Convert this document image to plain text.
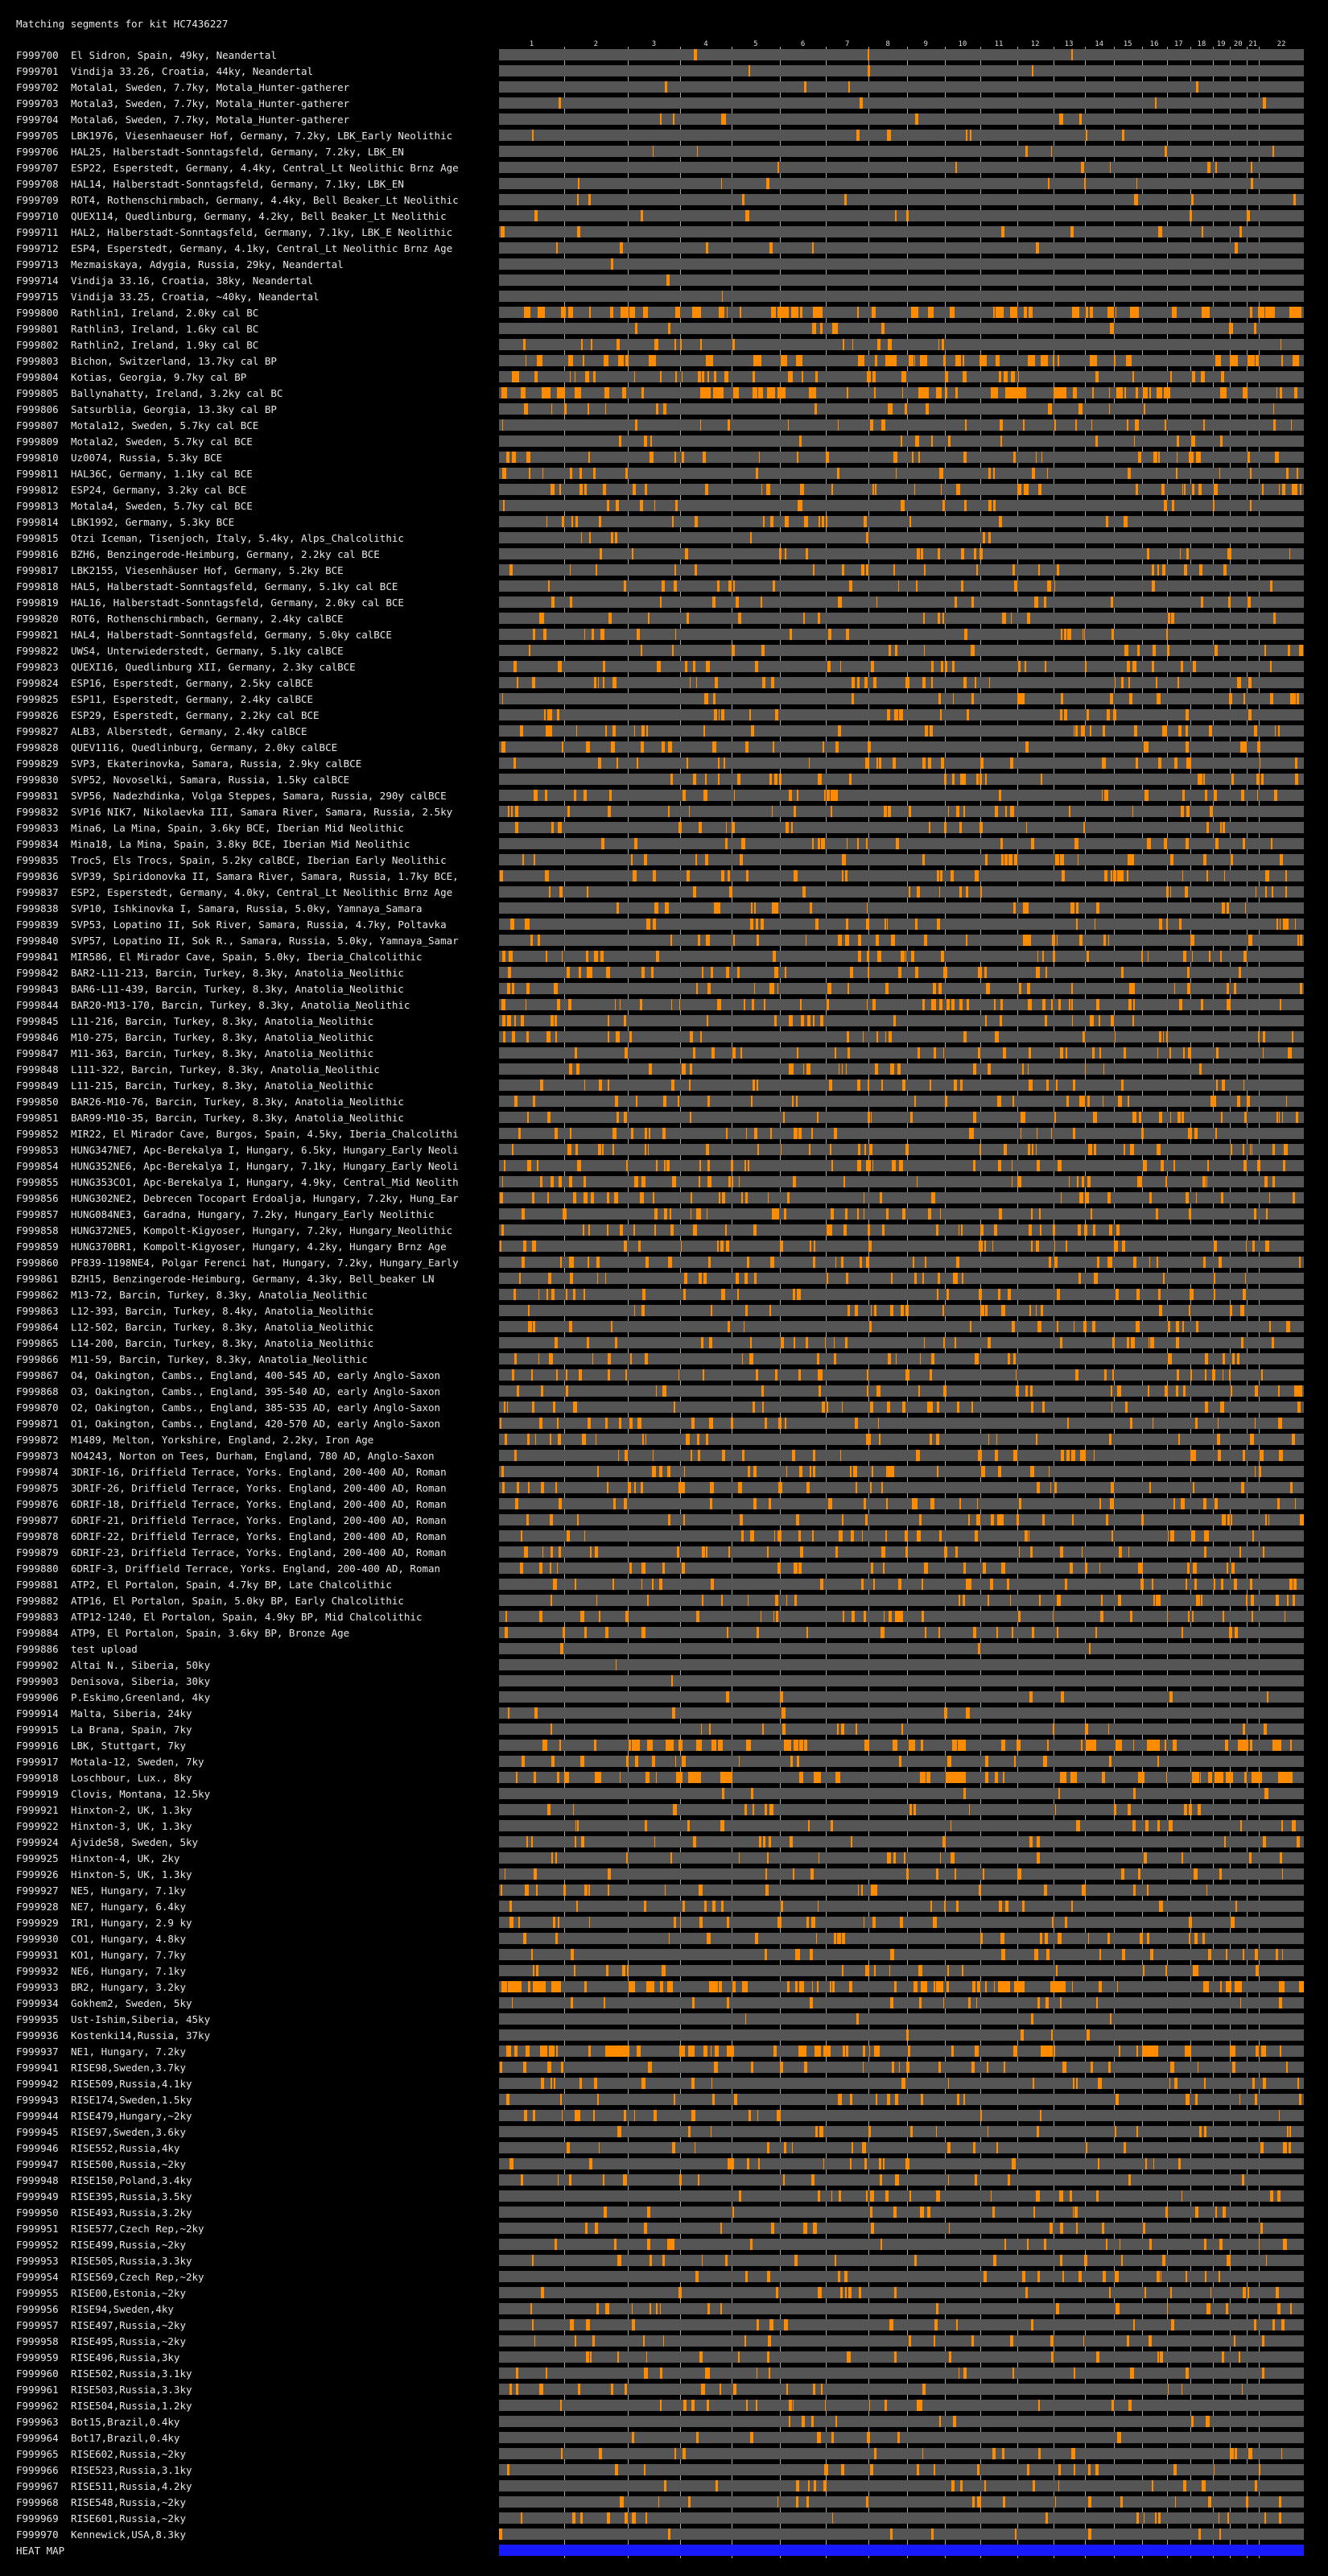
Matching segments for kit HC7436227
1	2	3	4	5	6	7	8	9	10	11	12	13	14	15 16 17 18 19 20 21	22
F999700	El Sidron, Spain, 49ky, Neandertal
F999701	Vindija 33.26, Croatia, 44ky, Neandertal
F999702	Motala1, Sweden, 7.7ky, Motala_Hunter-gatherer
F999703	Motala3, Sweden, 7.7ky, Motala_Hunter-gatherer
F999704	Motala6, Sweden, 7.7ky, Motala_Hunter-gatherer
F999705	LBK1976, Viesenhaeuser Hof, Germany, 7.2ky, LBK_Early Neolithic
F999706	HAL25, Halberstadt-Sonntagsfeld, Germany, 7.2ky, LBK_EN
F999707	ESP22, Esperstedt, Germany, 4.4ky, Central_Lt Neolithic Brnz Age
F999708	HAL14, Halberstadt-Sonntagsfeld, Germany, 7.1ky, LBK_EN
F999709	ROT4, Rothenschirmbach, Germany, 4.4ky, Bell Beaker_Lt Neolithic
F999710	QUEX114, Quedlinburg, Germany, 4.2ky, Bell Beaker_Lt Neolithic
F999711	HAL2, Halberstadt-Sonntagsfeld, Germany, 7.1ky, LBK_E Neolithic
F999712	ESP4, Esperstedt, Germany, 4.1ky, Central_Lt Neolithic Brnz Age
F999713	Mezmaiskaya, Adygia, Russia, 29ky, Neandertal
F999714	Vindija 33.16, Croatia, 38ky, Neandertal
F999715	Vindija 33.25, Croatia, ~40ky, Neandertal
F999800	Rathlin1, Ireland, 2.0ky cal BC
F999801	Rathlin3, Ireland, 1.6ky cal BC
F999802	Rathlin2, Ireland, 1.9ky cal BC
F999803	Bichon, Switzerland, 13.7ky cal BP
F999804	Kotias, Georgia, 9.7ky cal BP
F999805	Ballynahatty, Ireland, 3.2ky cal BC
F999806	Satsurblia, Georgia, 13.3ky cal BP
F999807	Motala12, Sweden, 5.7ky cal BCE
F999809	Motala2, Sweden, 5.7ky cal BCE
F999810	Uz0074, Russia, 5.3ky BCE
F999811	HAL36C, Germany, 1.1ky cal BCE
F999812	ESP24, Germany, 3.2ky cal BCE
F999813	Motala4, Sweden, 5.7ky cal BCE
F999814	LBK1992, Germany, 5.3ky BCE
F999815	Otzi Iceman, Tisenjoch, Italy, 5.4ky, Alps_Chalcolithic
F999816	BZH6, Benzingerode-Heimburg, Germany, 2.2ky cal BCE
F999817	LBK2155, Viesenhäuser Hof, Germany, 5.2ky BCE
F999818	HAL5, Halberstadt-Sonntagsfeld, Germany, 5.1ky cal BCE
F999819	HAL16, Halberstadt-Sonntagsfeld, Germany, 2.0ky cal BCE
F999820	ROT6, Rothenschirmbach, Germany, 2.4ky calBCE
F999821	HAL4, Halberstadt-Sonntagsfeld, Germany, 5.0ky calBCE
F999822	UWS4, Unterwiederstedt, Germany, 5.1ky calBCE
F999823	QUEXI16, Quedlinburg XII, Germany, 2.3ky calBCE
F999824	ESP16, Esperstedt, Germany, 2.5ky calBCE
F999825	ESP11, Esperstedt, Germany, 2.4ky calBCE
F999826	ESP29, Esperstedt, Germany, 2.2ky cal BCE
F999827	ALB3, Alberstedt, Germany, 2.4ky calBCE
F999828	QUEV1116, Quedlinburg, Germany, 2.0ky calBCE
F999829	SVP3, Ekaterinovka, Samara, Russia, 2.9ky calBCE
F999830	SVP52, Novoselki, Samara, Russia, 1.5ky calBCE
F999831	SVP56, Nadezhdinka, Volga Steppes, Samara, Russia, 290y calBCE
F999832	SVP16 NIK7, Nikolaevka III, Samara River, Samara, Russia, 2.5ky
F999833	Mina6, La Mina, Spain, 3.6ky BCE, Iberian Mid Neolithic
F999834	Mina18, La Mina, Spain, 3.8ky BCE, Iberian Mid Neolithic
F999835	Troc5, Els Trocs, Spain, 5.2ky calBCE, Iberian Early Neolithic
F999836	SVP39, Spiridonovka II, Samara River, Samara, Russia, 1.7ky BCE,
F999837	ESP2, Esperstedt, Germany, 4.0ky, Central_Lt Neolithic Brnz Age
F999838	SVP10, Ishkinovka I, Samara, Russia, 5.0ky, Yamnaya_Samara
F999839	SVP53, Lopatino II, Sok River, Samara, Russia, 4.7ky, Poltavka
F999840	SVP57, Lopatino II, Sok R., Samara, Russia, 5.0ky, Yamnaya_Samar
F999841	MIR586, El Mirador Cave, Spain, 5.0ky, Iberia_Chalcolithic
F999842	BAR2-L11-213, Barcin, Turkey, 8.3ky, Anatolia_Neolithic
F999843	BAR6-L11-439, Barcin, Turkey, 8.3ky, Anatolia_Neolithic
F999844	BAR20-M13-170, Barcin, Turkey, 8.3ky, Anatolia_Neolithic
F999845	L11-216, Barcin, Turkey, 8.3ky, Anatolia_Neolithic
F999846	M10-275, Barcin, Turkey, 8.3ky, Anatolia_Neolithic
F999847	M11-363, Barcin, Turkey, 8.3ky, Anatolia_Neolithic
F999848	L111-322, Barcin, Turkey, 8.3ky, Anatolia_Neolithic
F999849	L11-215, Barcin, Turkey, 8.3ky, Anatolia_Neolithic
F999850	BAR26-M10-76, Barcin, Turkey, 8.3ky, Anatolia_Neolithic
F999851	BAR99-M10-35, Barcin, Turkey, 8.3ky, Anatolia_Neolithic
F999852	MIR22, El Mirador Cave, Burgos, Spain, 4.5ky, Iberia_Chalcolithi
F999853	HUNG347NE7, Apc-Berekalya I, Hungary, 6.5ky, Hungary_Early Neoli
F999854	HUNG352NE6, Apc-Berekalya I, Hungary, 7.1ky, Hungary_Early Neoli
F999855	HUNG353CO1, Apc-Berekalya I, Hungary, 4.9ky, Central_Mid Neolith
F999856	HUNG302NE2, Debrecen Tocopart Erdoalja, Hungary, 7.2ky, Hung_Ear
F999857	HUNG084NE3, Garadna, Hungary, 7.2ky, Hungary_Early Neolithic
F999858	HUNG372NE5, Kompolt-Kigyoser, Hungary, 7.2ky, Hungary_Neolithic
F999859	HUNG370BR1, Kompolt-Kigyoser, Hungary, 4.2ky, Hungary Brnz Age
F999860	PF839-1198NE4, Polgar Ferenci hat, Hungary, 7.2ky, Hungary_Early
F999861	BZH15, Benzingerode-Heimburg, Germany, 4.3ky, Bell_beaker LN
F999862	M13-72, Barcin, Turkey, 8.3ky, Anatolia_Neolithic
F999863	L12-393, Barcin, Turkey, 8.4ky, Anatolia_Neolithic
F999864	L12-502, Barcin, Turkey, 8.3ky, Anatolia_Neolithic
F999865	L14-200, Barcin, Turkey, 8.3ky, Anatolia_Neolithic
F999866	M11-59, Barcin, Turkey, 8.3ky, Anatolia_Neolithic
F999867	O4, Oakington, Cambs., England, 400-545 AD, early Anglo-Saxon
F999868	O3, Oakington, Cambs., England, 395-540 AD, early Anglo-Saxon
F999870	O2, Oakington, Cambs., England, 385-535 AD, early Anglo-Saxon
F999871	O1, Oakington, Cambs., England, 420-570 AD, early Anglo-Saxon
F999872	M1489, Melton, Yorkshire, England, 2.2ky, Iron Age
F999873	NO4243, Norton on Tees, Durham, England, 780 AD, Anglo-Saxon
F999874	3DRIF-16, Driffield Terrace, Yorks. England, 200-400 AD, Roman
F999875	3DRIF-26, Driffield Terrace, Yorks. England, 200-400 AD, Roman
F999876	6DRIF-18, Driffield Terrace, Yorks. England, 200-400 AD, Roman
F999877	6DRIF-21, Driffield Terrace, Yorks. England, 200-400 AD, Roman
F999878	6DRIF-22, Driffield Terrace, Yorks. England, 200-400 AD, Roman
F999879	6DRIF-23, Driffield Terrace, Yorks. England, 200-400 AD, Roman
F999880	6DRIF-3, Driffield Terrace, Yorks. England, 200-400 AD, Roman
F999881	ATP2, El Portalon, Spain, 4.7ky BP, Late Chalcolithic
F999882	ATP16, El Portalon, Spain, 5.0ky BP, Early Chalcolithic
F999883	ATP12-1240, El Portalon, Spain, 4.9ky BP, Mid Chalcolithic
F999884	ATP9, El Portalon, Spain, 3.6ky BP, Bronze Age
F999886	test upload
F999902	Altai N., Siberia, 50ky
F999903	Denisova, Siberia, 30ky
F999906	P.Eskimo,Greenland, 4ky
F999914	Malta, Siberia, 24ky
F999915	La Brana, Spain, 7ky
F999916	LBK, Stuttgart, 7ky
F999917	Motala-12, Sweden, 7ky
F999918	Loschbour, Lux., 8ky
F999919	Clovis, Montana, 12.5ky
F999921	Hinxton-2, UK, 1.3ky
F999922	Hinxton-3, UK, 1.3ky
F999924	Ajvide58, Sweden, 5ky
F999925	Hinxton-4, UK, 2ky
F999926	Hinxton-5, UK, 1.3ky
F999927	NE5, Hungary, 7.1ky
F999928	NE7, Hungary, 6.4ky
F999929	IR1, Hungary, 2.9 ky
F999930	CO1, Hungary, 4.8ky
F999931	KO1, Hungary, 7.7ky
F999932	NE6, Hungary, 7.1ky
F999933	BR2, Hungary, 3.2ky
F999934	Gokhem2, Sweden, 5ky
F999935	Ust-Ishim,Siberia, 45ky
F999936	Kostenki14,Russia, 37ky
F999937	NE1, Hungary, 7.2ky
F999941	RISE98,Sweden,3.7ky
F999942	RISE509,Russia,4.1ky
F999943	RISE174,Sweden,1.5ky
F999944	RISE479,Hungary,~2ky
F999945	RISE97,Sweden,3.6ky
F999946	RISE552,Russia,4ky
F999947	RISE500,Russia,~2ky
F999948	RISE150,Poland,3.4ky
F999949	RISE395,Russia,3.5ky
F999950	RISE493,Russia,3.2ky
F999951	RISE577,Czech Rep,~2ky
F999952	RISE499,Russia,~2ky
F999953	RISE505,Russia,3.3ky
F999954	RISE569,Czech Rep,~2ky
F999955	RISE00,Estonia,~2ky
F999956	RISE94,Sweden,4ky
F999957	RISE497,Russia,~2ky
F999958	RISE495,Russia,~2ky
F999959	RISE496,Russia,3ky
F999960	RISE502,Russia,3.1ky
F999961	RISE503,Russia,3.3ky
F999962	RISE504,Russia,1.2ky
F999963	Bot15,Brazil,0.4ky
F999964	Bot17,Brazil,0.4ky
F999965	RISE602,Russia,~2ky
F999966	RISE523,Russia,3.1ky
F999967	RISE511,Russia,4.2ky
F999968	RISE548,Russia,~2ky
F999969	RISE601,Russia,~2ky
F999970	Kennewick,USA,8.3ky
HEAT MAP
